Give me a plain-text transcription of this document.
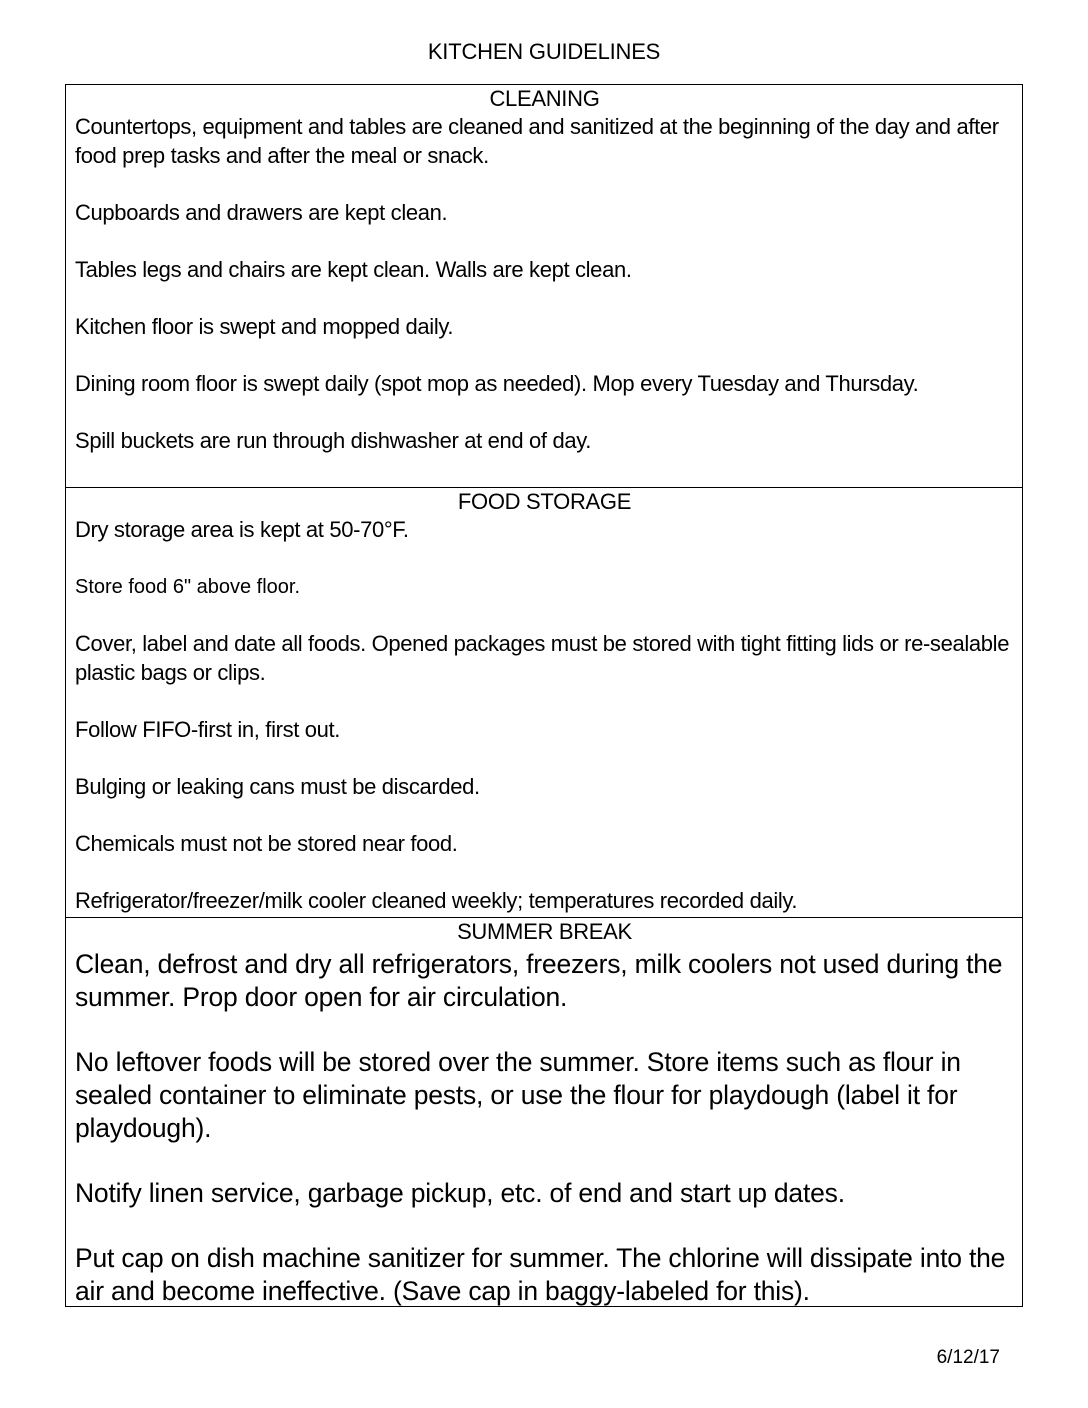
KITCHEN GUIDELINES
CLEANING
Countertops, equipment and tables are cleaned and sanitized at the beginning of the day and after food prep tasks and after the meal or snack.
Cupboards and drawers are kept clean.
Tables legs and chairs are kept clean. Walls are kept clean.
Kitchen floor is swept and mopped daily.
Dining room floor is swept daily (spot mop as needed). Mop every Tuesday and Thursday.
Spill buckets are run through dishwasher at end of day.
FOOD STORAGE
Dry storage area is kept at 50-70°F.
Store food 6" above floor.
Cover, label and date all foods. Opened packages must be stored with tight fitting lids or re-sealable plastic bags or clips.
Follow FIFO-first in, first out.
Bulging or leaking cans must be discarded.
Chemicals must not be stored near food.
Refrigerator/freezer/milk cooler cleaned weekly; temperatures recorded daily.
SUMMER BREAK
Clean, defrost and dry all refrigerators, freezers, milk coolers not used during the summer. Prop door open for air circulation.
No leftover foods will be stored over the summer. Store items such as flour in sealed container to eliminate pests, or use the flour for playdough (label it for playdough).
Notify linen service, garbage pickup, etc. of end and start up dates.
Put cap on dish machine sanitizer for summer. The chlorine will dissipate into the air and become ineffective. (Save cap in baggy-labeled for this).
6/12/17
